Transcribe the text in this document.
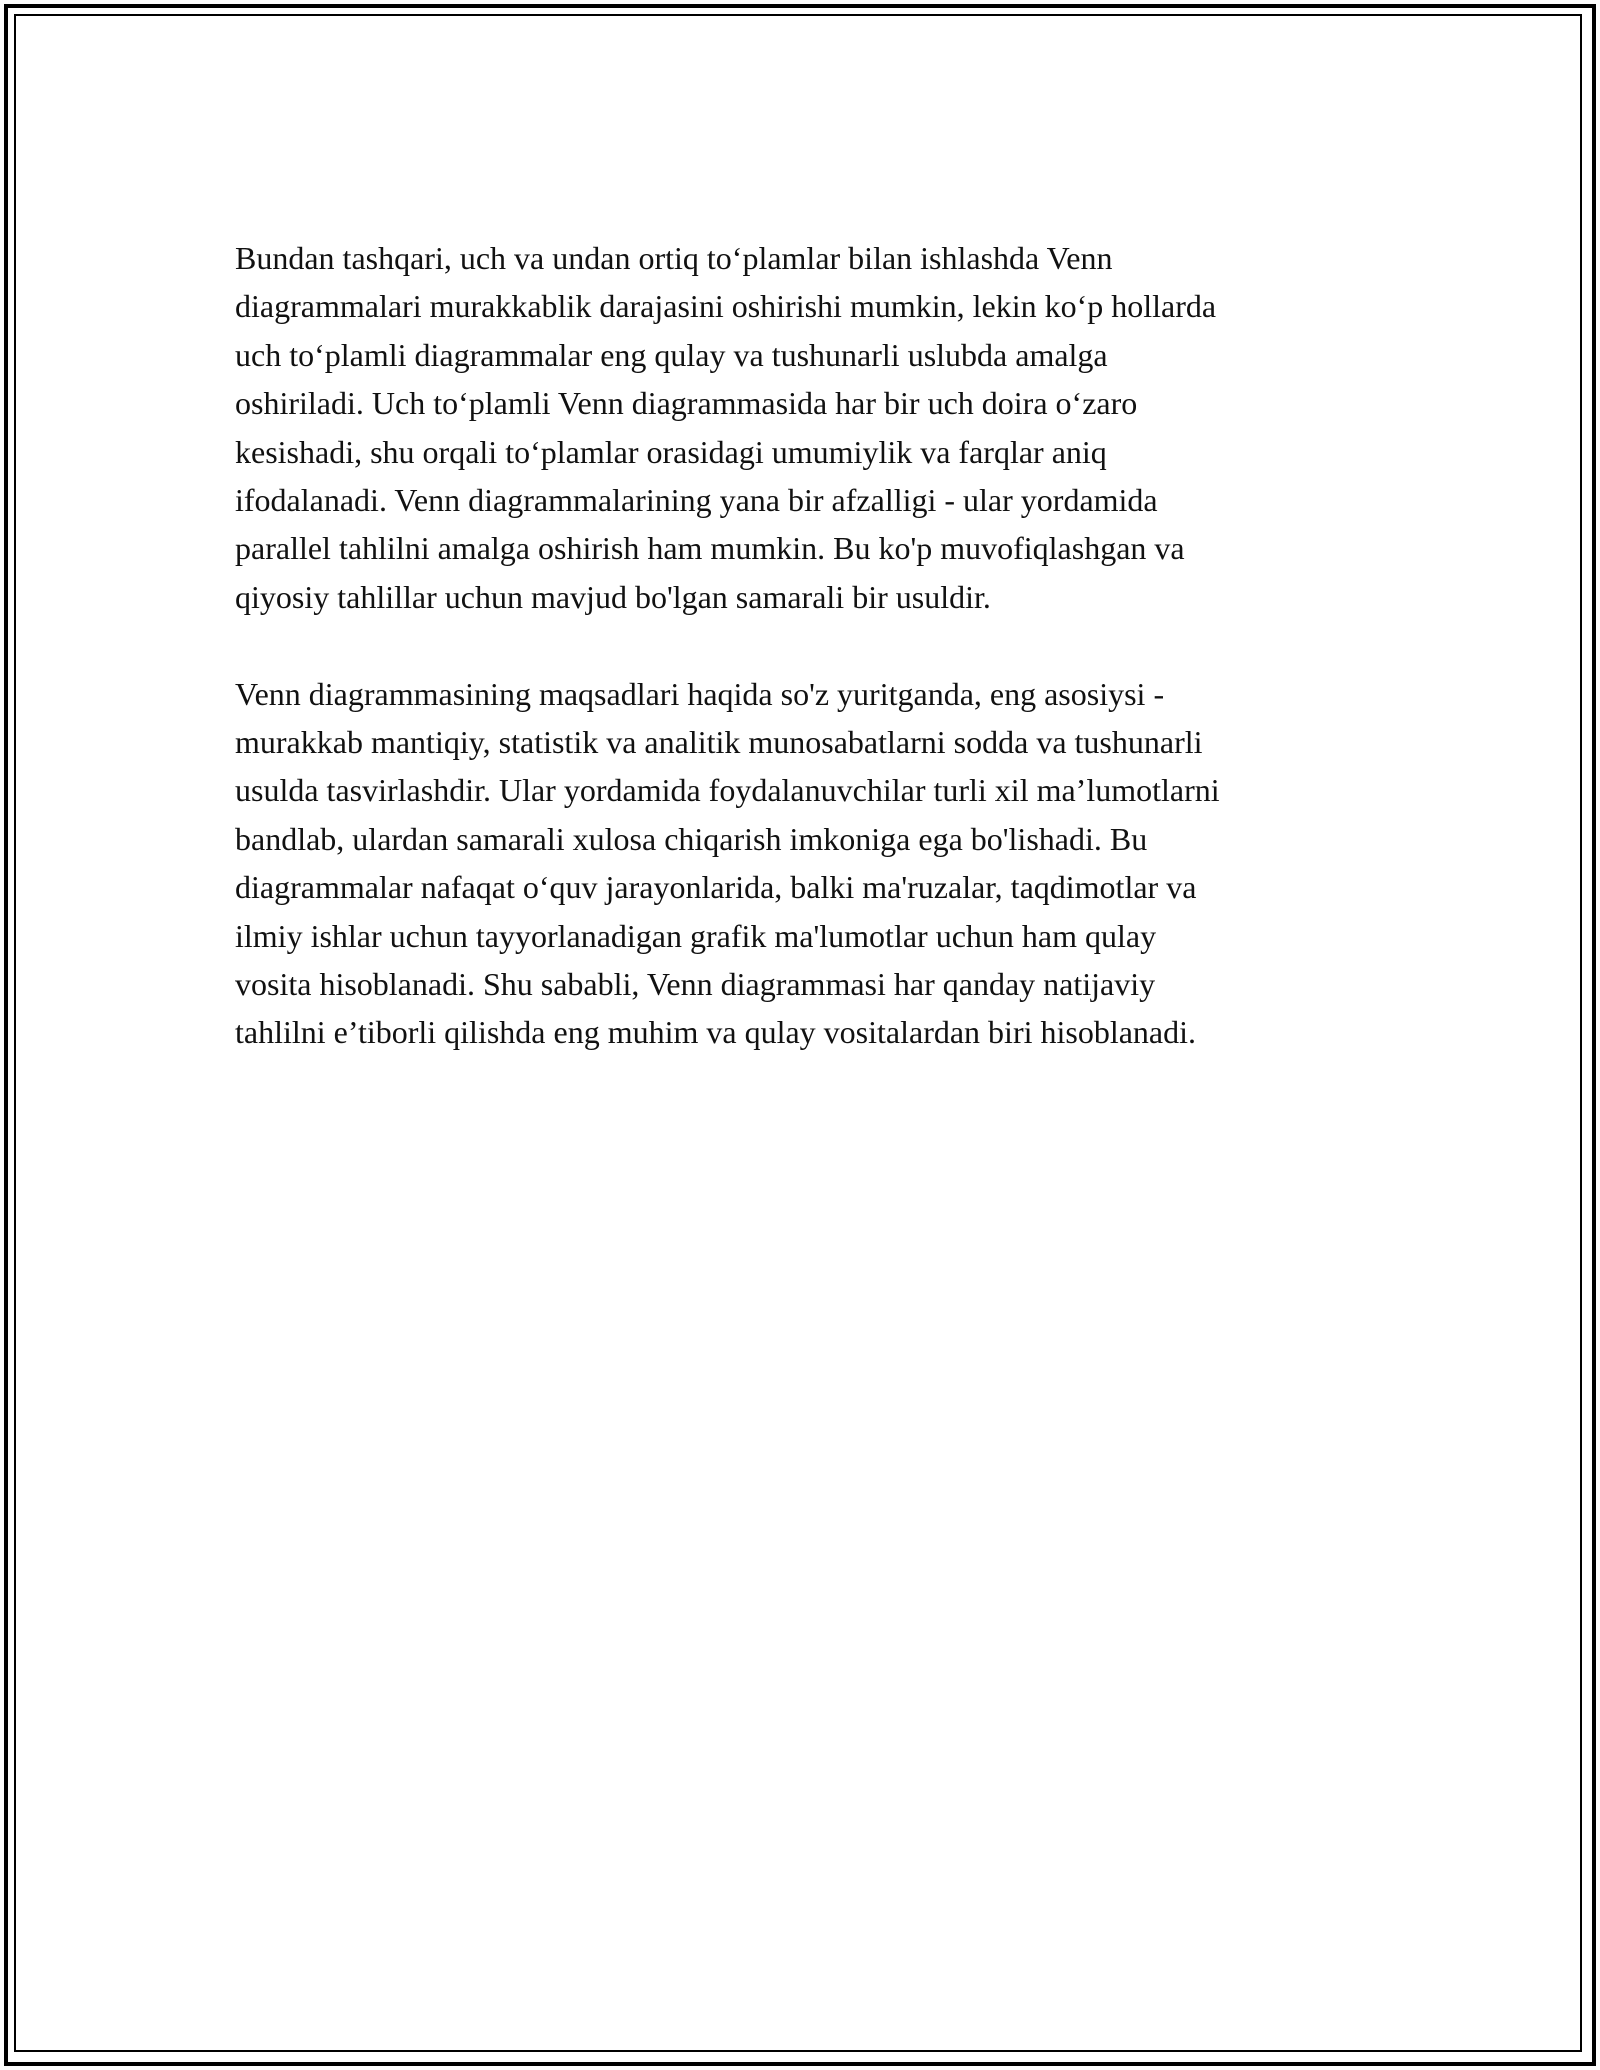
Bundan tashqari, uch va undan ortiq to‘plamlar bilan ishlashda Venn
diagrammalari murakkablik darajasini oshirishi mumkin, lekin ko‘p hollarda
uch to‘plamli diagrammalar eng qulay va tushunarli uslubda amalga
oshiriladi. Uch to‘plamli Venn diagrammasida har bir uch doira o‘zaro
kesishadi, shu orqali to‘plamlar orasidagi umumiylik va farqlar aniq
ifodalanadi. Venn diagrammalarining yana bir afzalligi - ular yordamida
parallel tahlilni amalga oshirish ham mumkin. Bu ko'p muvofiqlashgan va
qiyosiy tahlillar uchun mavjud bo'lgan samarali bir usuldir.

Venn diagrammasining maqsadlari haqida so'z yuritganda, eng asosiysi -
murakkab mantiqiy, statistik va analitik munosabatlarni sodda va tushunarli
usulda tasvirlashdir. Ular yordamida foydalanuvchilar turli xil ma’lumotlarni
bandlab, ulardan samarali xulosa chiqarish imkoniga ega bo'lishadi. Bu
diagrammalar nafaqat o‘quv jarayonlarida, balki ma'ruzalar, taqdimotlar va
ilmiy ishlar uchun tayyorlanadigan grafik ma'lumotlar uchun ham qulay
vosita hisoblanadi. Shu sababli, Venn diagrammasi har qanday natijaviy
tahlilni e’tiborli qilishda eng muhim va qulay vositalardan biri hisoblanadi.
